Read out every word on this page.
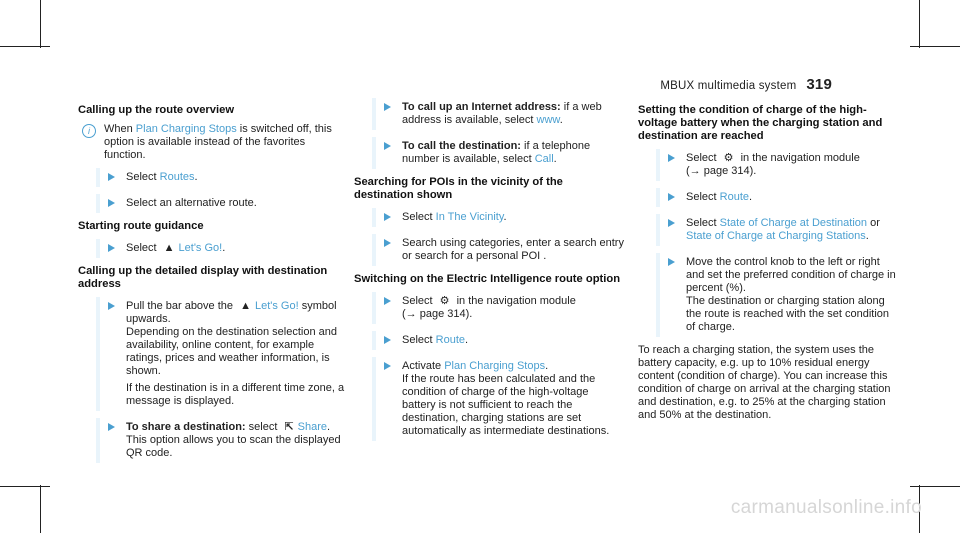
MBUX multimedia system 319
Calling up the route overview
i	When Plan Charging Stops is switched off, this option is available instead of the favorites function.
Select Routes.
Select an alternative route.
Starting route guidance
Select ▲ Let's Go!.
Calling up the detailed display with destination address
Pull the bar above the ▲ Let's Go! symbol upwards.
Depending on the destination selection and availability, online content, for example ratings, prices and weather information, is shown.
If the destination is in a different time zone, a message is displayed.
To share a destination: select ⇱ Share.
This option allows you to scan the displayed QR code.
To call up an Internet address: if a web address is available, select www.
To call the destination: if a telephone number is available, select Call.
Searching for POIs in the vicinity of the destination shown
Select In The Vicinity.
Search using categories, enter a search entry or search for a personal POI .
Switching on the Electric Intelligence route option
Select ⚙ in the navigation module
(→ page 314).
Select Route.
Activate Plan Charging Stops.
If the route has been calculated and the condition of charge of the high-voltage battery is not sufficient to reach the destination, charging stations are set automatically as intermediate destinations.
Setting the condition of charge of the high-voltage battery when the charging station and destination are reached
Select ⚙ in the navigation module
(→ page 314).
Select Route.
Select State of Charge at Destination or
State of Charge at Charging Stations.
Move the control knob to the left or right and set the preferred condition of charge in percent (%).
The destination or charging station along the route is reached with the set condition of charge.
To reach a charging station, the system uses the battery capacity, e.g. up to 10% residual energy content (condition of charge). You can increase this condition of charge on arrival at the charging station and destination, e.g. to 25% at the charging station and 50% at the destination.
carmanualsonline.info
